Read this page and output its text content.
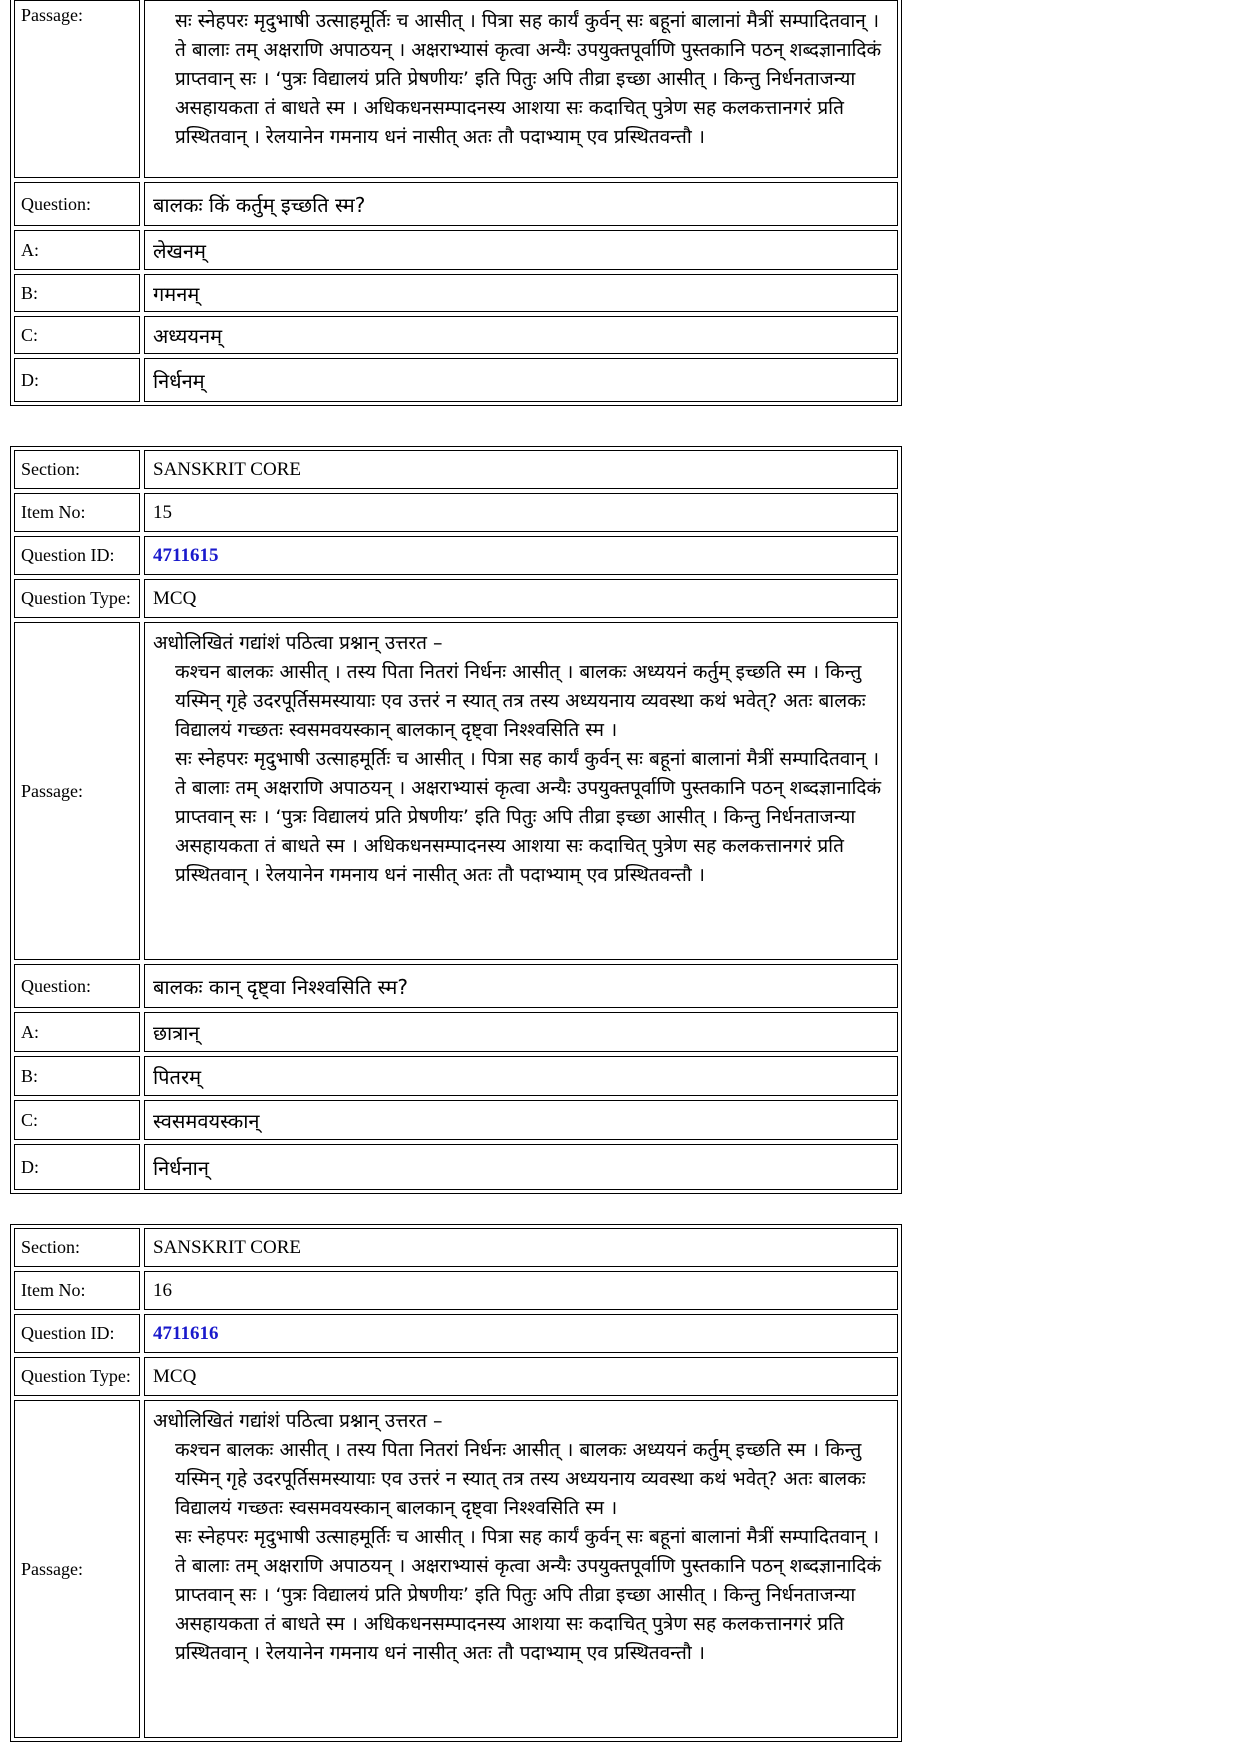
Passage:	सः स्नेहपरः मृदुभाषी उत्साहमूर्तिः च आसीत् । पित्रा सह कार्यं कुर्वन् सः बहूनां बालानां मैत्रीं सम्पादितवान् । ते बालाः तम् अक्षराणि अपाठयन् । अक्षराभ्यासं कृत्वा अन्यैः उपयुक्तपूर्वाणि पुस्तकानि पठन् शब्दज्ञानादिकं प्राप्तवान् सः । ‘पुत्रः विद्यालयं प्रति प्रेषणीयः’ इति पितुः अपि तीव्रा इच्छा आसीत् । किन्तु निर्धनताजन्या असहायकता तं बाधते स्म । अधिकधनसम्पादनस्य आशया सः कदाचित् पुत्रेण सह कलकत्तानगरं प्रति प्रस्थितवान् । रेलयानेन गमनाय धनं नासीत् अतः तौ पदाभ्याम् एव प्रस्थितवन्तौ ।

Question:	बालकः किं कर्तुम् इच्छति स्म?
A:	लेखनम्
B:	गमनम्
C:	अध्ययनम्
D:	निर्धनम्
Section:	SANSKRIT CORE
Item No:	15
Question ID:	4711615
Question Type:	MCQ
Passage:

अधोलिखितं गद्यांशं पठित्वा प्रश्नान् उत्तरत –

कश्चन बालकः आसीत् । तस्य पिता नितरां निर्धनः आसीत् । बालकः अध्ययनं कर्तुम् इच्छति स्म । किन्तु यस्मिन् गृहे उदरपूर्तिसमस्यायाः एव उत्तरं न स्यात् तत्र तस्य अध्ययनाय व्यवस्था कथं भवेत्? अतः बालकः विद्यालयं गच्छतः स्वसमवयस्कान् बालकान् दृष्ट्वा निश्श्वसिति स्म ।

सः स्नेहपरः मृदुभाषी उत्साहमूर्तिः च आसीत् । पित्रा सह कार्यं कुर्वन् सः बहूनां बालानां मैत्रीं सम्पादितवान् । ते बालाः तम् अक्षराणि अपाठयन् । अक्षराभ्यासं कृत्वा अन्यैः उपयुक्तपूर्वाणि पुस्तकानि पठन् शब्दज्ञानादिकं प्राप्तवान् सः । ‘पुत्रः विद्यालयं प्रति प्रेषणीयः’ इति पितुः अपि तीव्रा इच्छा आसीत् । किन्तु निर्धनताजन्या असहायकता तं बाधते स्म । अधिकधनसम्पादनस्य आशया सः कदाचित् पुत्रेण सह कलकत्तानगरं प्रति प्रस्थितवान् । रेलयानेन गमनाय धनं नासीत् अतः तौ पदाभ्याम् एव प्रस्थितवन्तौ ।

Question:	बालकः कान् दृष्ट्वा निश्श्वसिति स्म?
A:	छात्रान्
B:	पितरम्
C:	स्वसमवयस्कान्
D:	निर्धनान्
Section:	SANSKRIT CORE
Item No:	16
Question ID:	4711616
Question Type:	MCQ
Passage:

अधोलिखितं गद्यांशं पठित्वा प्रश्नान् उत्तरत –

कश्चन बालकः आसीत् । तस्य पिता नितरां निर्धनः आसीत् । बालकः अध्ययनं कर्तुम् इच्छति स्म । किन्तु यस्मिन् गृहे उदरपूर्तिसमस्यायाः एव उत्तरं न स्यात् तत्र तस्य अध्ययनाय व्यवस्था कथं भवेत्? अतः बालकः विद्यालयं गच्छतः स्वसमवयस्कान् बालकान् दृष्ट्वा निश्श्वसिति स्म ।

सः स्नेहपरः मृदुभाषी उत्साहमूर्तिः च आसीत् । पित्रा सह कार्यं कुर्वन् सः बहूनां बालानां मैत्रीं सम्पादितवान् । ते बालाः तम् अक्षराणि अपाठयन् । अक्षराभ्यासं कृत्वा अन्यैः उपयुक्तपूर्वाणि पुस्तकानि पठन् शब्दज्ञानादिकं प्राप्तवान् सः । ‘पुत्रः विद्यालयं प्रति प्रेषणीयः’ इति पितुः अपि तीव्रा इच्छा आसीत् । किन्तु निर्धनताजन्या असहायकता तं बाधते स्म । अधिकधनसम्पादनस्य आशया सः कदाचित् पुत्रेण सह कलकत्तानगरं प्रति प्रस्थितवान् । रेलयानेन गमनाय धनं नासीत् अतः तौ पदाभ्याम् एव प्रस्थितवन्तौ ।
